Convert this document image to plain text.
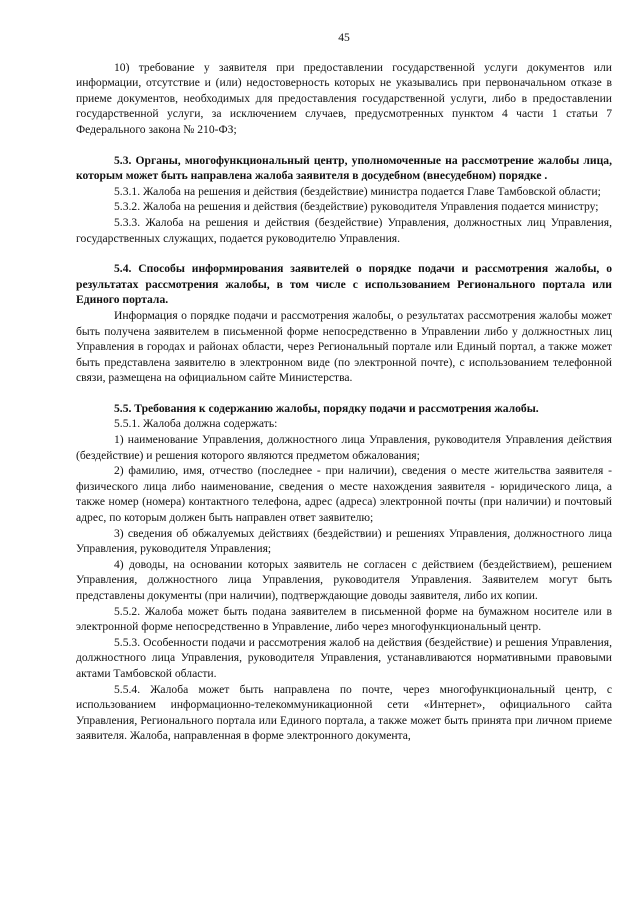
45

10) требование у заявителя при предоставлении государственной услуги документов или информации, отсутствие и (или) недостоверность которых не указывались при первоначальном отказе в приеме документов, необходимых для предоставления государственной услуги, либо в предоставлении государственной услуги, за исключением случаев, предусмотренных пунктом 4 части 1 статьи 7 Федерального закона № 210-ФЗ;

5.3. Органы, многофункциональный центр, уполномоченные на рассмотрение жалобы лица, которым может быть направлена жалоба заявителя в досудебном (внесудебном) порядке .

5.3.1. Жалоба на решения и действия (бездействие) министра подается Главе Тамбовской области;

5.3.2. Жалоба на решения и действия (бездействие) руководителя Управления подается министру;

5.3.3. Жалоба на решения и действия (бездействие) Управления, должностных лиц Управления, государственных служащих, подается руководителю Управления.

5.4. Способы информирования заявителей о порядке подачи и рассмотрения жалобы, о результатах рассмотрения жалобы, в том числе с использованием Регионального портала или Единого портала.

Информация о порядке подачи и рассмотрения жалобы, о результатах рассмотрения жалобы может быть получена заявителем в письменной форме непосредственно в Управлении либо у должностных лиц Управления в городах и районах области, через Региональный портале или Единый портал, а также может быть представлена заявителю в электронном виде (по электронной почте), с использованием телефонной связи, размещена на официальном сайте Министерства.

5.5. Требования к содержанию жалобы, порядку подачи и рассмотрения жалобы.

5.5.1. Жалоба должна содержать:

1) наименование Управления, должностного лица Управления, руководителя Управления действия (бездействие) и решения которого являются предметом обжалования;

2) фамилию, имя, отчество (последнее - при наличии), сведения о месте жительства заявителя - физического лица либо наименование, сведения о месте нахождения заявителя - юридического лица, а также номер (номера) контактного телефона, адрес (адреса) электронной почты (при наличии) и почтовый адрес, по которым должен быть направлен ответ заявителю;

3) сведения об обжалуемых действиях (бездействии) и решениях Управления, должностного лица Управления, руководителя Управления;

4) доводы, на основании которых заявитель не согласен с действием (бездействием), решением Управления, должностного лица Управления, руководителя Управления. Заявителем могут быть представлены документы (при наличии), подтверждающие доводы заявителя, либо их копии.

5.5.2. Жалоба может быть подана заявителем в письменной форме на бумажном носителе или в электронной форме непосредственно в Управление, либо через многофункциональный центр.

5.5.3. Особенности подачи и рассмотрения жалоб на действия (бездействие) и решения Управления, должностного лица Управления, руководителя Управления, устанавливаются нормативными правовыми актами Тамбовской области.

5.5.4. Жалоба может быть направлена по почте, через многофункциональный центр, с использованием информационно-телекоммуникационной сети «Интернет», официального сайта Управления, Регионального портала или Единого портала, а также может быть принята при личном приеме заявителя. Жалоба, направленная в форме электронного документа,
